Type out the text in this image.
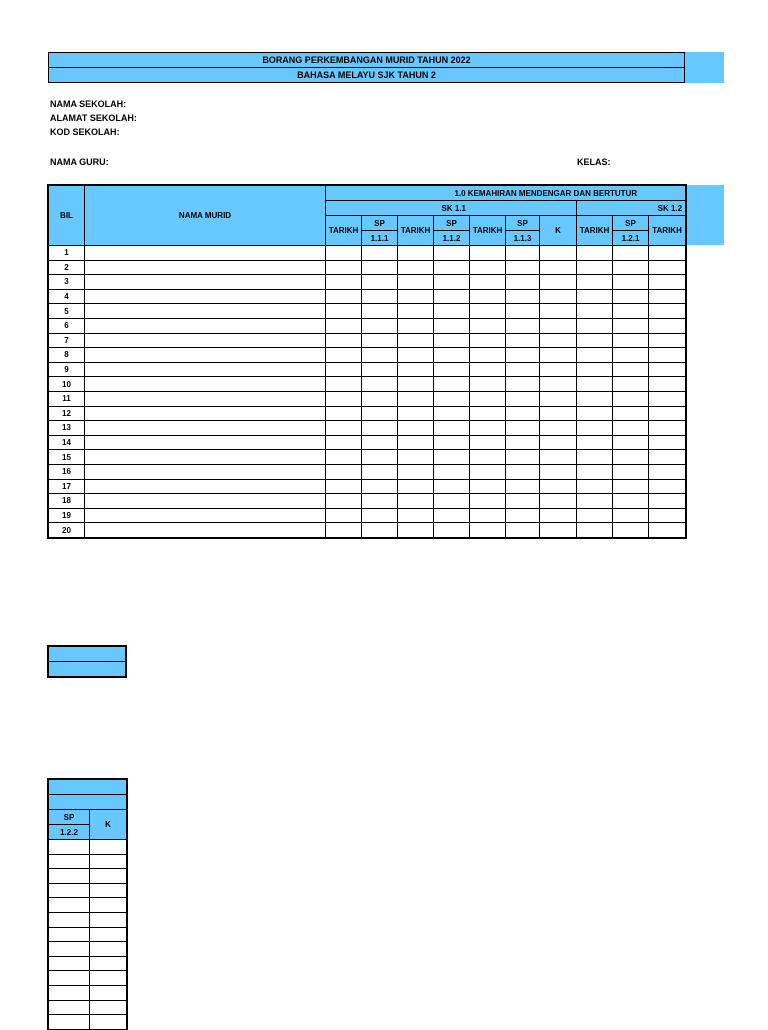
BORANG PERKEMBANGAN MURID TAHUN 2022
BAHASA MELAYU SJK TAHUN 2
NAMA SEKOLAH:
ALAMAT SEKOLAH:
KOD SEKOLAH:
NAMA GURU:	KELAS:
BIL	NAMA MURID	1.0 KEMAHIRAN MENDENGAR DAN BERTUTUR									
		SK 1.1							SK 1.2		
		TARIKH	SP	TARIKH	SP	TARIKH	SP	K	TARIKH	SP	TARIKH
			1.1.1		1.1.2		1.1.3			1.2.1	
1											
2											
3											
4											
5											
6											
7											
8											
9											
10											
11											
12											
13											
14											
15											
16											
17											
18											
19											
20											

SP	K
1.2.2	
